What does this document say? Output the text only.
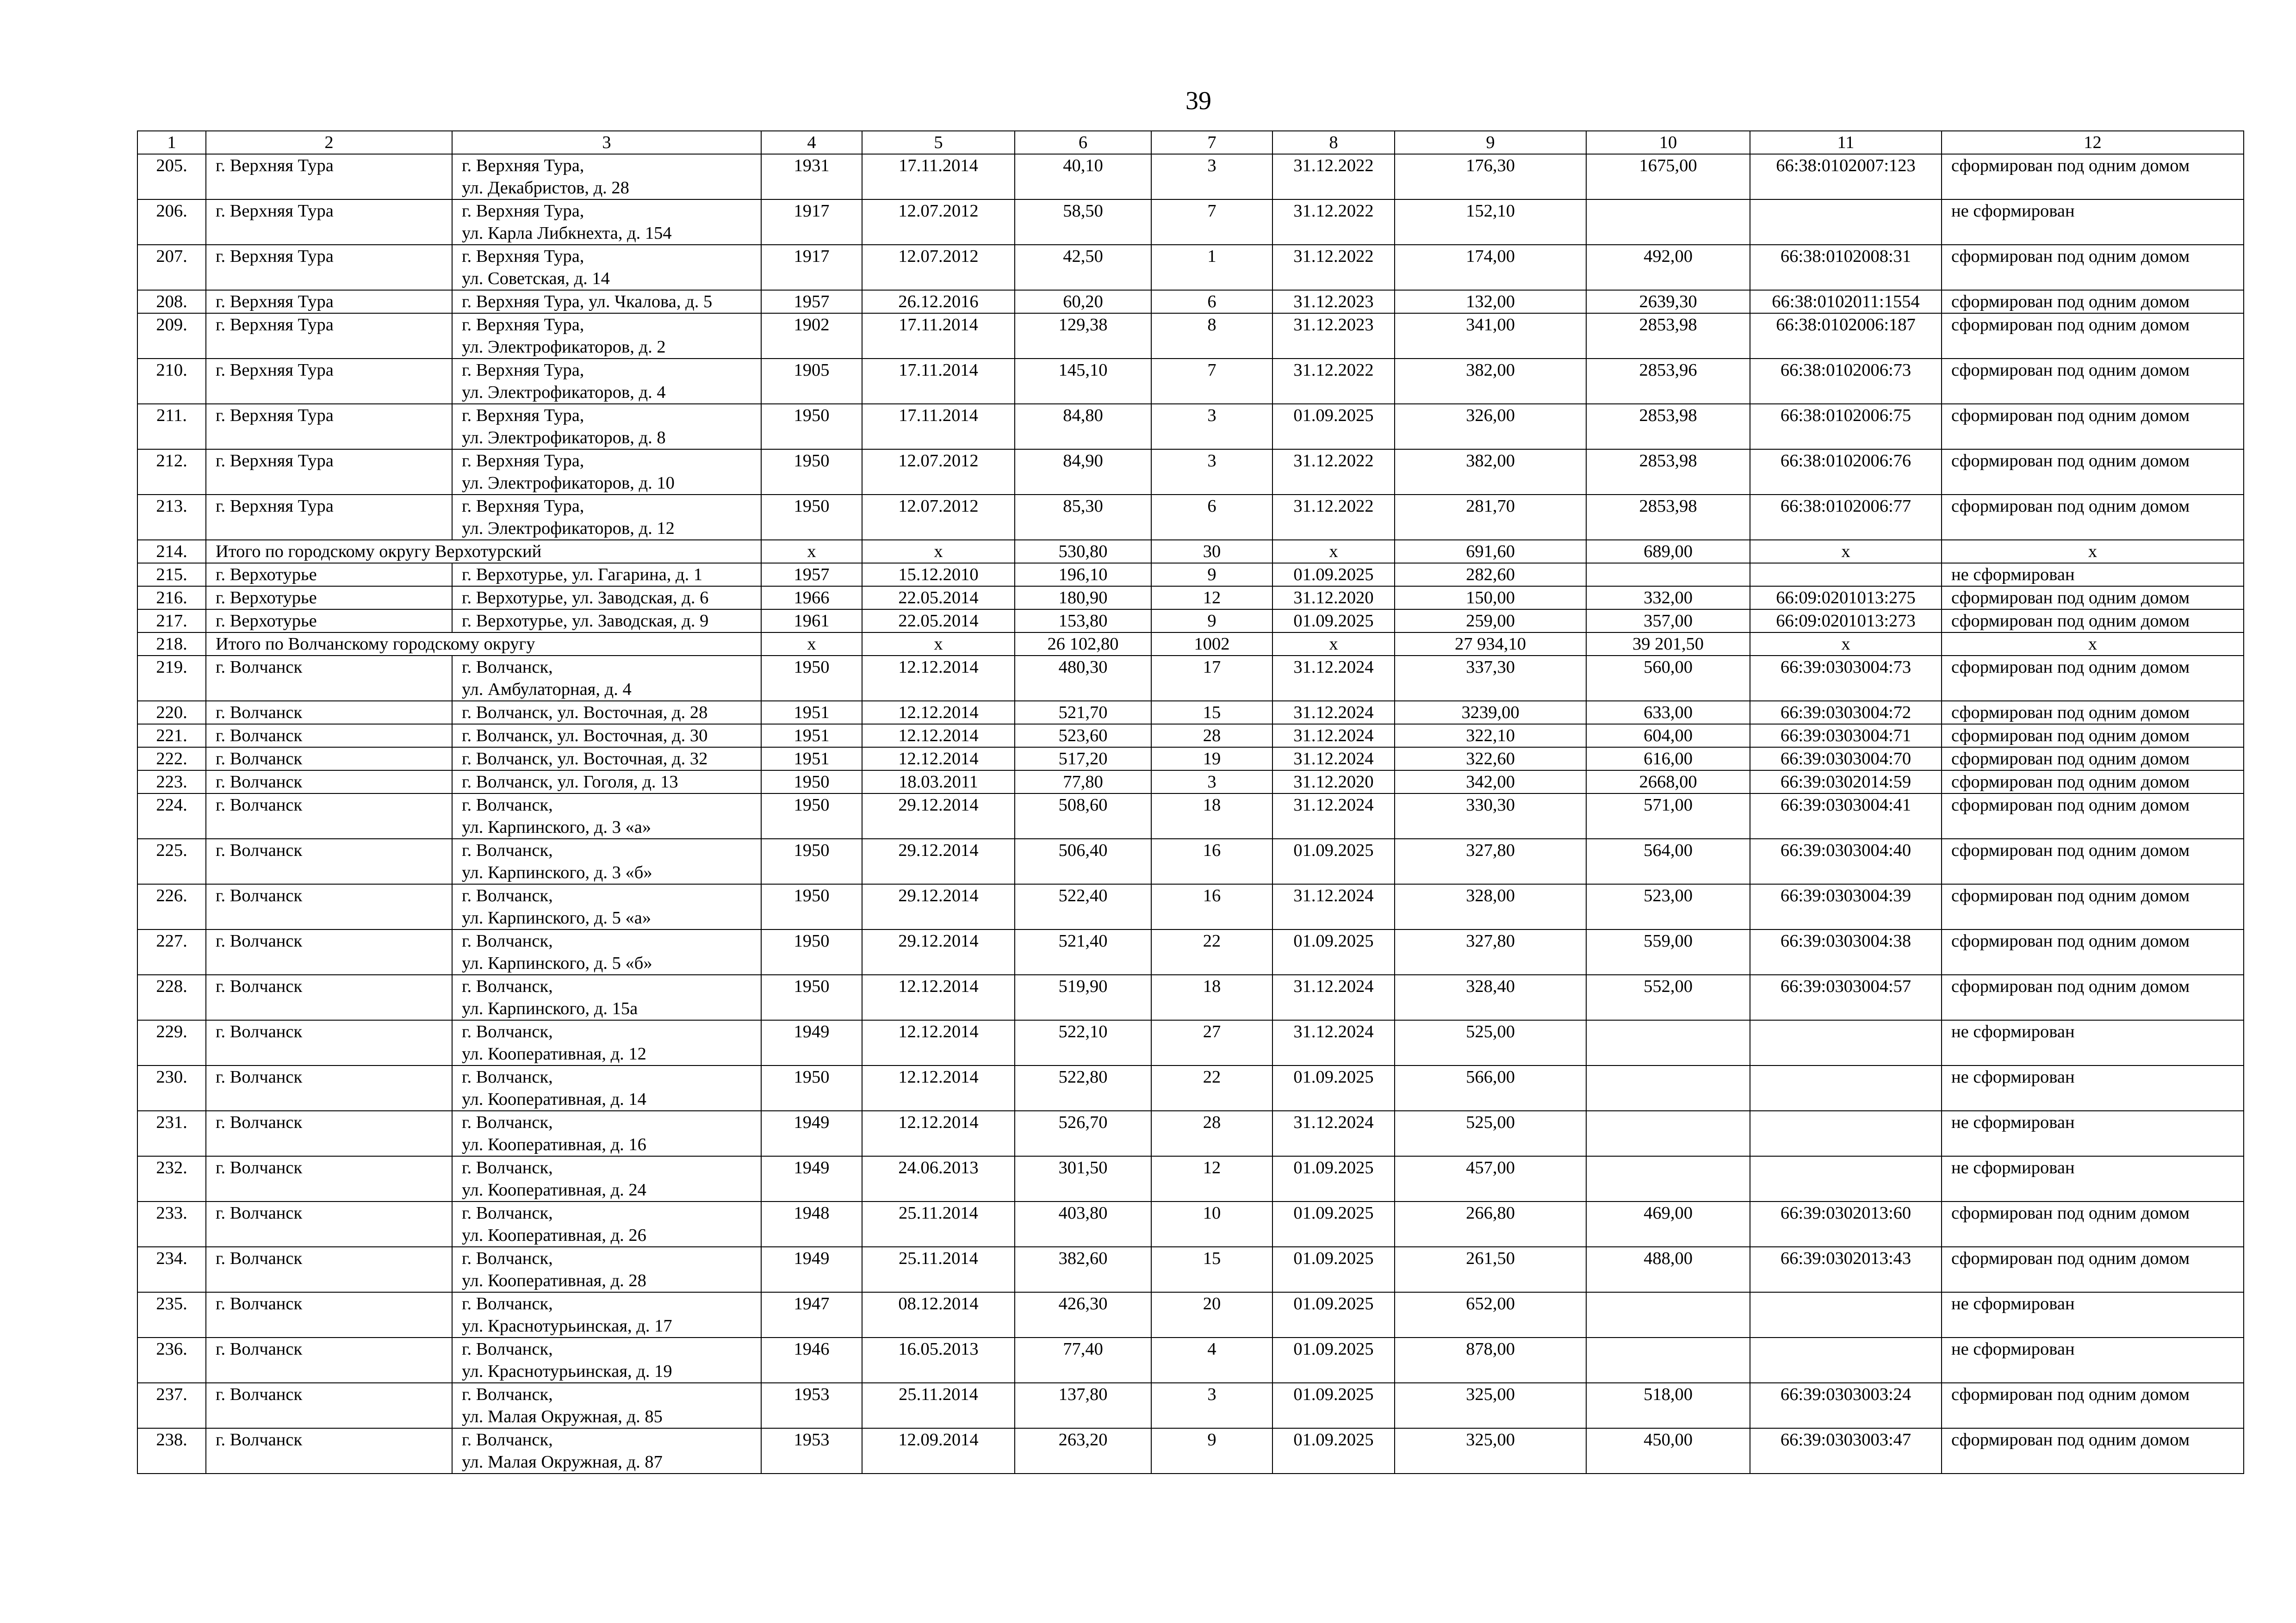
39
1	2	3	4	5	6	7	8	9	10	11	12
205.	г. Верхняя Тура	г. Верхняя Тура,
ул. Декабристов, д. 28	1931	17.11.2014	40,10	3	31.12.2022	176,30	1675,00	66:38:0102007:123	сформирован под одним домом
206.	г. Верхняя Тура	г. Верхняя Тура,
ул. Карла Либкнехта, д. 154	1917	12.07.2012	58,50	7	31.12.2022	152,10			не сформирован
207.	г. Верхняя Тура	г. Верхняя Тура,
ул. Советская, д. 14	1917	12.07.2012	42,50	1	31.12.2022	174,00	492,00	66:38:0102008:31	сформирован под одним домом
208.	г. Верхняя Тура	г. Верхняя Тура, ул. Чкалова, д. 5	1957	26.12.2016	60,20	6	31.12.2023	132,00	2639,30	66:38:0102011:1554	сформирован под одним домом
209.	г. Верхняя Тура	г. Верхняя Тура,
ул. Электрофикаторов, д. 2	1902	17.11.2014	129,38	8	31.12.2023	341,00	2853,98	66:38:0102006:187	сформирован под одним домом
210.	г. Верхняя Тура	г. Верхняя Тура,
ул. Электрофикаторов, д. 4	1905	17.11.2014	145,10	7	31.12.2022	382,00	2853,96	66:38:0102006:73	сформирован под одним домом
211.	г. Верхняя Тура	г. Верхняя Тура,
ул. Электрофикаторов, д. 8	1950	17.11.2014	84,80	3	01.09.2025	326,00	2853,98	66:38:0102006:75	сформирован под одним домом
212.	г. Верхняя Тура	г. Верхняя Тура,
ул. Электрофикаторов, д. 10	1950	12.07.2012	84,90	3	31.12.2022	382,00	2853,98	66:38:0102006:76	сформирован под одним домом
213.	г. Верхняя Тура	г. Верхняя Тура,
ул. Электрофикаторов, д. 12	1950	12.07.2012	85,30	6	31.12.2022	281,70	2853,98	66:38:0102006:77	сформирован под одним домом
214.	Итого по городскому округу Верхотурский		x	x	530,80	30	x	691,60	689,00	x	x
215.	г. Верхотурье	г. Верхотурье, ул. Гагарина, д. 1	1957	15.12.2010	196,10	9	01.09.2025	282,60			не сформирован
216.	г. Верхотурье	г. Верхотурье, ул. Заводская, д. 6	1966	22.05.2014	180,90	12	31.12.2020	150,00	332,00	66:09:0201013:275	сформирован под одним домом
217.	г. Верхотурье	г. Верхотурье, ул. Заводская, д. 9	1961	22.05.2014	153,80	9	01.09.2025	259,00	357,00	66:09:0201013:273	сформирован под одним домом
218.	Итого по Волчанскому городскому округу		x	x	26 102,80	1002	x	27 934,10	39 201,50	x	x
219.	г. Волчанск	г. Волчанск,
ул. Амбулаторная, д. 4	1950	12.12.2014	480,30	17	31.12.2024	337,30	560,00	66:39:0303004:73	сформирован под одним домом
220.	г. Волчанск	г. Волчанск, ул. Восточная, д. 28	1951	12.12.2014	521,70	15	31.12.2024	3239,00	633,00	66:39:0303004:72	сформирован под одним домом
221.	г. Волчанск	г. Волчанск, ул. Восточная, д. 30	1951	12.12.2014	523,60	28	31.12.2024	322,10	604,00	66:39:0303004:71	сформирован под одним домом
222.	г. Волчанск	г. Волчанск, ул. Восточная, д. 32	1951	12.12.2014	517,20	19	31.12.2024	322,60	616,00	66:39:0303004:70	сформирован под одним домом
223.	г. Волчанск	г. Волчанск, ул. Гоголя, д. 13	1950	18.03.2011	77,80	3	31.12.2020	342,00	2668,00	66:39:0302014:59	сформирован под одним домом
224.	г. Волчанск	г. Волчанск,
ул. Карпинского, д. 3 «а»	1950	29.12.2014	508,60	18	31.12.2024	330,30	571,00	66:39:0303004:41	сформирован под одним домом
225.	г. Волчанск	г. Волчанск,
ул. Карпинского, д. 3 «б»	1950	29.12.2014	506,40	16	01.09.2025	327,80	564,00	66:39:0303004:40	сформирован под одним домом
226.	г. Волчанск	г. Волчанск,
ул. Карпинского, д. 5 «а»	1950	29.12.2014	522,40	16	31.12.2024	328,00	523,00	66:39:0303004:39	сформирован под одним домом
227.	г. Волчанск	г. Волчанск,
ул. Карпинского, д. 5 «б»	1950	29.12.2014	521,40	22	01.09.2025	327,80	559,00	66:39:0303004:38	сформирован под одним домом
228.	г. Волчанск	г. Волчанск,
ул. Карпинского, д. 15а	1950	12.12.2014	519,90	18	31.12.2024	328,40	552,00	66:39:0303004:57	сформирован под одним домом
229.	г. Волчанск	г. Волчанск,
ул. Кооперативная, д. 12	1949	12.12.2014	522,10	27	31.12.2024	525,00			не сформирован
230.	г. Волчанск	г. Волчанск,
ул. Кооперативная, д. 14	1950	12.12.2014	522,80	22	01.09.2025	566,00			не сформирован
231.	г. Волчанск	г. Волчанск,
ул. Кооперативная, д. 16	1949	12.12.2014	526,70	28	31.12.2024	525,00			не сформирован
232.	г. Волчанск	г. Волчанск,
ул. Кооперативная, д. 24	1949	24.06.2013	301,50	12	01.09.2025	457,00			не сформирован
233.	г. Волчанск	г. Волчанск,
ул. Кооперативная, д. 26	1948	25.11.2014	403,80	10	01.09.2025	266,80	469,00	66:39:0302013:60	сформирован под одним домом
234.	г. Волчанск	г. Волчанск,
ул. Кооперативная, д. 28	1949	25.11.2014	382,60	15	01.09.2025	261,50	488,00	66:39:0302013:43	сформирован под одним домом
235.	г. Волчанск	г. Волчанск,
ул. Краснотурьинская, д. 17	1947	08.12.2014	426,30	20	01.09.2025	652,00			не сформирован
236.	г. Волчанск	г. Волчанск,
ул. Краснотурьинская, д. 19	1946	16.05.2013	77,40	4	01.09.2025	878,00			не сформирован
237.	г. Волчанск	г. Волчанск,
ул. Малая Окружная, д. 85	1953	25.11.2014	137,80	3	01.09.2025	325,00	518,00	66:39:0303003:24	сформирован под одним домом
238.	г. Волчанск	г. Волчанск,
ул. Малая Окружная, д. 87	1953	12.09.2014	263,20	9	01.09.2025	325,00	450,00	66:39:0303003:47	сформирован под одним домом
